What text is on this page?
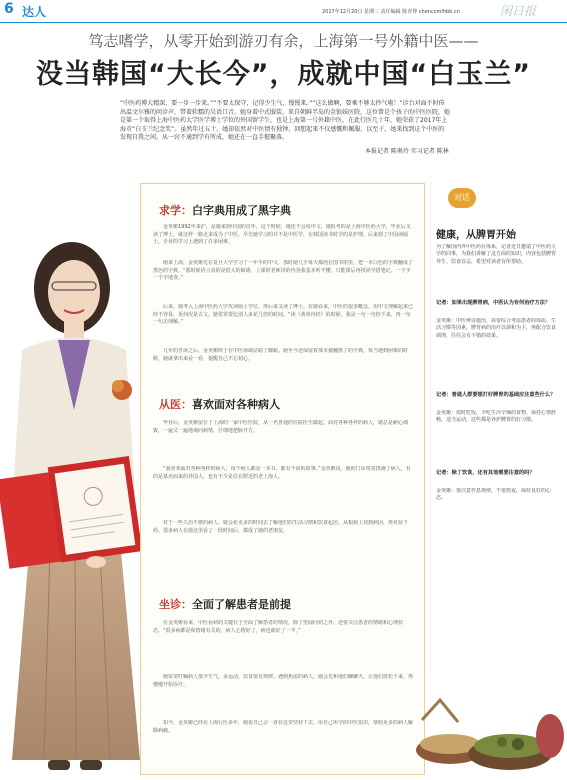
6 达人	2017年12月20日 星期三 责任编辑 陈青仲 chenccmlhbb.cn	闲日报
笃志嗜学，从零开始到游刃有余，上海第一号外籍中医——
没当韩国“大长今”，成就中国“白玉兰”
“中医药博大精深，要一步一步来。”“不要太保守，记得少生气，慢慢来。”“这么做啊，要乘不够太抄气啦！”诊台对面不时传出温文尔雅的问诊声，带着软糯的吴语口音。她身着中式服装，来自朝鲜半岛的金银妹医院，这位曾是个孩子的中医医院，她是第一个取得上海中医药大学医学博士学位的外国留学生，也是上海第一号外籍中医，在此行医几十年，她荣获了2017年上海市“白玉兰纪念奖”。虽然年过五十，她却依然对中医情有独钟，回想起来不仅感慨和佩服，以至于，她来找到这个中医的发现自我之间。从一窍不通到学有所成，她还在一直手握聚落。
本报记者 陈奥玲 实习记者 陈林
求学：白字典用成了黑字典
金英姬1992年来沪，是她来到中国的首年，这个时候，她还不会说中文，她报考的是上海中医药大学，毕业后又读了博士，就这样一路走来成为了中医。早先她学习的并不是中医学，在韩国读书时学的是护理，后来到了中国读硕士，专业的学习上遇到了许多困难。
刚来上海，金英姬先在复旦大学学习了一年半的中文，那时她几乎每天都泡在图书馆里，把一本白色的字典翻成了黑色的字典。“那时候语言真的是很大的障碍，上课时老师讲的内容我基本听不懂，只能课后再找同学借笔记，一个字一个字地查。”
后来，她考入上海中医药大学攻读硕士学位，再后来又读了博士。在她看来，中医的很多概念，用中文理解起来已经不容易，更何况是古文，她常常要比别人多花几倍的时间。“读《黄帝内经》的时候，我是一句一句抄下来，再一句一句去理解。”
几年的苦读之后，金英姬终于在中医领域站稳了脚跟。她至今还保留着那本被翻黑了的字典，每当遇到困难的时候，她就拿出来看一看，提醒自己不忘初心。
从医：喜欢面对各种病人
毕业后，金英姬留在了上海的一家中医医院，从一名普通的住院医生做起。面对各种各样的病人，她总是耐心细致，一遍又一遍地询问病情，仔细地把脉开方。
“我喜欢面对各种各样的病人，每个病人都是一本书，都有不同的故事。”金英姬说。她的门诊常常排满了病人，有的是慕名而来的外国人，也有不少是住在附近的老上海人。
对于一些久治不愈的病人，她会花更多的时间去了解他们的生活习惯和饮食起居，从根源上找到病因，再对症下药。很多病人在她这里看了一段时间后，都成了她的老朋友。
坐诊：全面了解患者是前提
在金英姬看来，中医看病的关键在于全面了解患者的情况，除了望闻问切之外，还要关注患者的情绪和心理状态。“很多病都是和情绪有关的，病人心情好了，病也就好了一半。”
她常常叮嘱病人要少生气，多运动，饮食要有规律。遇到焦虑的病人，她会先和他们聊聊天，让他们放松下来，再慢慢开始诊疗。
如今，金英姬已经在上海行医多年，她说自己会一直在这里坚持下去，用自己所学的中医知识，帮助更多的病人解除病痛。
对话
健康，从脾胃开始
为了解国内外中医药在体系，记者近日邀请了中医药大学的同事，为我们讲解了这方面的知识，内容包括脾胃养生、饮食宜忌，希望对读者有所帮助。
记者：如果出现脾胃病，中医认为有何治疗方法？
金英姬：中医辨证施治，需要综合考虑患者的体质、生活习惯等因素，脾胃病的治疗以调和为主，再配合饮食调理，往往会有不错的效果。
记者：普通人群要想打好脾胃的基础应注意些什么？
金英姬：按时吃饭，少吃生冷辛辣的食物，保持心情舒畅，适当运动，这些都是养护脾胃的好习惯。
记者：除了饮食，还有其他需要注意的吗？
金英姬：要注意作息规律，不要熬夜，保持良好的心态。
